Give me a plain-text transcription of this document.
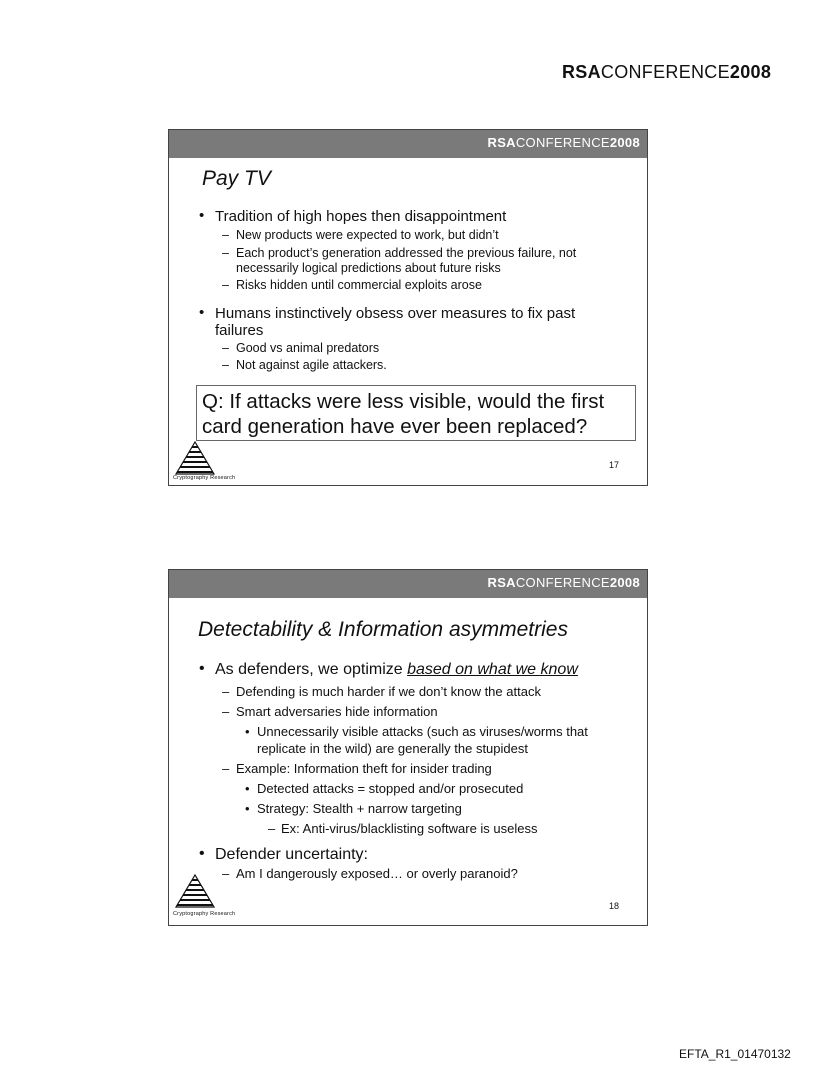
RSACONFERENCE2008
RSACONFERENCE2008
Pay TV
• Tradition of high hopes then disappointment
– New products were expected to work, but didn’t
– Each product’s generation addressed the previous failure, not
necessarily logical predictions about future risks
– Risks hidden until commercial exploits arose
• Humans instinctively obsess over measures to fix past
failures
– Good vs animal predators
– Not against agile attackers.
Q: If attacks were less visible, would the first
card generation have ever been replaced?
Cryptography Research
17
RSACONFERENCE2008
Detectability & Information asymmetries
• As defenders, we optimize based on what we know
– Defending is much harder if we don’t know the attack
– Smart adversaries hide information
• Unnecessarily visible attacks (such as viruses/worms that
replicate in the wild) are generally the stupidest
– Example: Information theft for insider trading
• Detected attacks = stopped and/or prosecuted
• Strategy: Stealth + narrow targeting
– Ex: Anti-virus/blacklisting software is useless
• Defender uncertainty:
– Am I dangerously exposed… or overly paranoid?
Cryptography Research
18
EFTA_R1_01470132
